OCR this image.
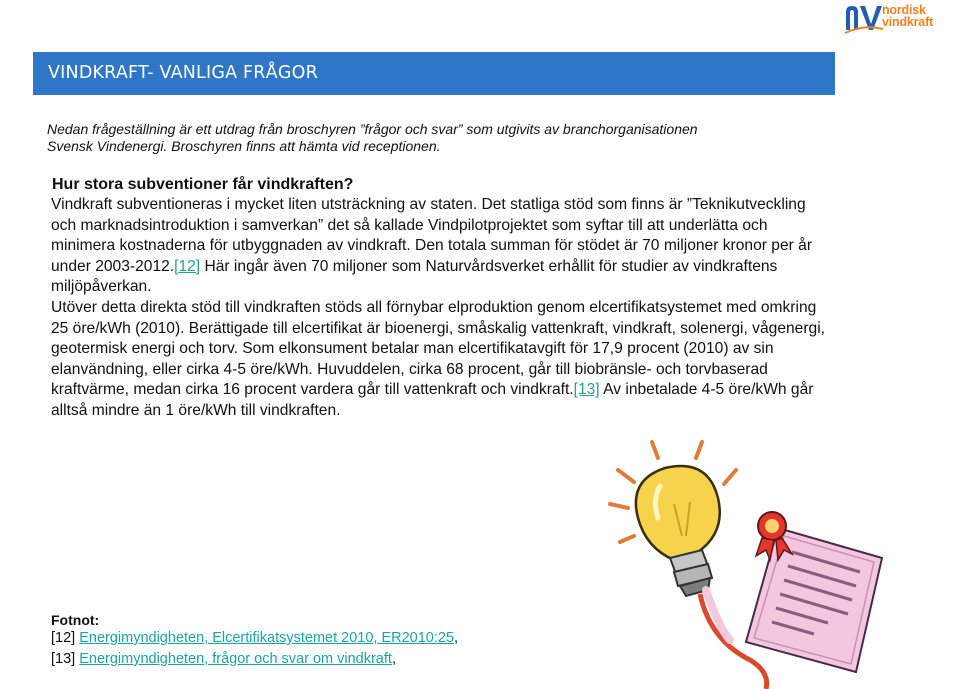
nordisk
vindkraft
VINDKRAFT- VANLIGA FRÅGOR
Nedan frågeställning är ett utdrag från broschyren ”frågor och svar” som utgivits av branchorganisationen
Svensk Vindenergi. Broschyren finns att hämta vid receptionen.
Hur stora subventioner får vindkraften?
Vindkraft subventioneras i mycket liten utsträckning av staten. Det statliga stöd som finns är ”Teknikutveckling
och marknadsintroduktion i samverkan” det så kallade Vindpilotprojektet som syftar till att underlätta och
minimera kostnaderna för utbyggnaden av vindkraft. Den totala summan för stödet är 70 miljoner kronor per år
under 2003-2012.[12] Här ingår även 70 miljoner som Naturvårdsverket erhållit för studier av vindkraftens
miljöpåverkan.
Utöver detta direkta stöd till vindkraften stöds all förnybar elproduktion genom elcertifikatsystemet med omkring
25 öre/kWh (2010). Berättigade till elcertifikat är bioenergi, småskalig vattenkraft, vindkraft, solenergi, vågenergi,
geotermisk energi och torv. Som elkonsument betalar man elcertifikatavgift för 17,9 procent (2010) av sin
elanvändning, eller cirka 4-5 öre/kWh. Huvuddelen, cirka 68 procent, går till biobränsle- och torvbaserad
kraftvärme, medan cirka 16 procent vardera går till vattenkraft och vindkraft.[13] Av inbetalade 4-5 öre/kWh går
alltså mindre än 1 öre/kWh till vindkraften.
Fotnot:
[12] Energimyndigheten, Elcertifikatsystemet 2010, ER2010:25,
[13] Energimyndigheten, frågor och svar om vindkraft,
